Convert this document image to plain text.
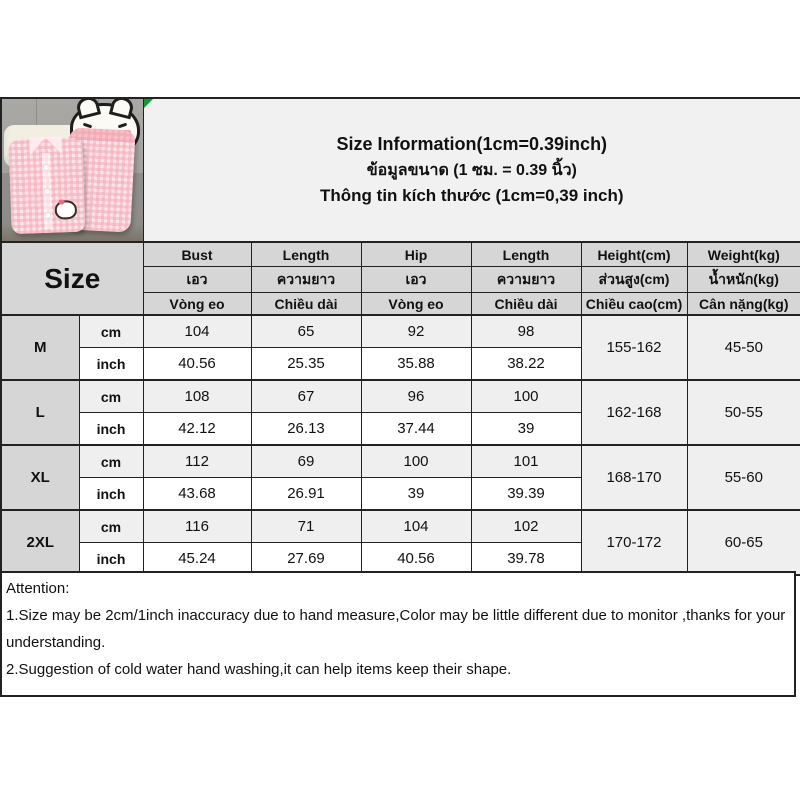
		Size Information(1cm=0.39inch)
ข้อมูลขนาด (1 ซม. = 0.39 นิ้ว)
Thông tin kích thước (1cm=0,39 inch)					

Size		Bust	Length	Hip	Length	Height(cm)	Weight(kg)
		เอว	ความยาว	เอว	ความยาว	ส่วนสูง(cm)	น้ำหนัก(kg)
		Vòng eo	Chiều dài	Vòng eo	Chiều dài	Chiều cao(cm)	Cân nặng(kg)
M	cm	104	65	92	98	155-162	45-50
	inch	40.56	25.35	35.88	38.22		
L	cm	108	67	96	100	162-168	50-55
	inch	42.12	26.13	37.44	39		
XL	cm	112	69	100	101	168-170	55-60
	inch	43.68	26.91	39	39.39		
2XL	cm	116	71	104	102	170-172	60-65
	inch	45.24	27.69	40.56	39.78		
Attention:
1.Size may be 2cm/1inch inaccuracy due to hand measure,Color may be little different due to monitor ,thanks for your understanding.
2.Suggestion of cold water hand washing,it can help items keep their shape.
